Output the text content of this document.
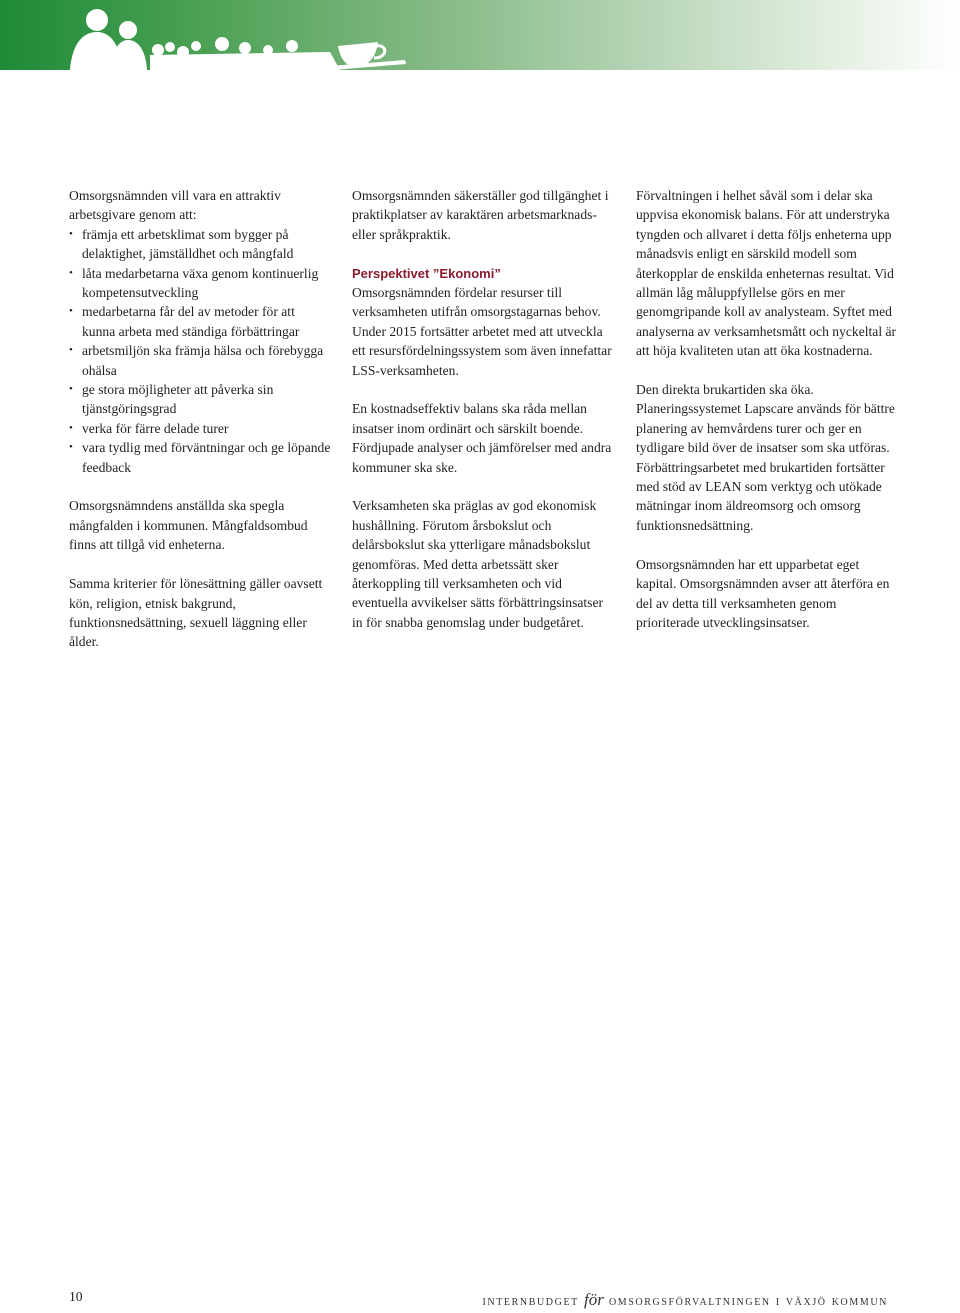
Omsorgsnämnden vill vara en attraktiv arbetsgivare genom att:

• främja ett arbetsklimat som bygger på delaktighet, jämställdhet och mångfald
• låta medarbetarna växa genom kontinuerlig kompetensutveckling
• medarbetarna får del av metoder för att kunna arbeta med ständiga förbättringar
• arbetsmiljön ska främja hälsa och förebygga ohälsa
• ge stora möjligheter att påverka sin tjänstgöringsgrad
• verka för färre delade turer
• vara tydlig med förväntningar och ge löpande feedback

Omsorgsnämndens anställda ska spegla mångfalden i kommunen. Mångfaldsombud finns att tillgå vid enheterna.

Samma kriterier för lönesättning gäller oavsett kön, religion, etnisk bakgrund, funktionsnedsättning, sexuell läggning eller ålder.

Omsorgsnämnden säkerställer god tillgänghet i praktikplatser av karaktären arbetsmarknads- eller språkpraktik.

Perspektivet ”Ekonomi”

Omsorgsnämnden fördelar resurser till verksamheten utifrån omsorgstagarnas behov. Under 2015 fortsätter arbetet med att utveckla ett resursfördelningssystem som även innefattar LSS-verksamheten.

En kostnadseffektiv balans ska råda mellan insatser inom ordinärt och särskilt boende. Fördjupade analyser och jämförelser med andra kommuner ska ske.

Verksamheten ska präglas av god ekonomisk hushållning. Förutom årsbokslut och delårsbokslut ska ytterligare månadsbokslut genomföras. Med detta arbetssätt sker återkoppling till verksamheten och vid eventuella avvikelser sätts förbättringsinsatser in för snabba genomslag under budgetåret.

Förvaltningen i helhet såväl som i delar ska uppvisa ekonomisk balans. För att understryka tyngden och allvaret i detta följs enheterna upp månadsvis enligt en särskild modell som återkopplar de enskilda enheternas resultat. Vid allmän låg måluppfyllelse görs en mer genomgripande koll av analysteam. Syftet med analyserna av verksamhetsmått och nyckeltal är att höja kvaliteten utan att öka kostnaderna.

Den direkta brukartiden ska öka. Planeringssystemet Lapscare används för bättre planering av hemvårdens turer och ger en tydligare bild över de insatser som ska utföras. Förbättringsarbetet med brukartiden fortsätter med stöd av LEAN som verktyg och utökade mätningar inom äldreomsorg och omsorg funktionsnedsättning.

Omsorgsnämnden har ett upparbetat eget kapital. Omsorgsnämnden avser att återföra en del av detta till verksamheten genom prioriterade utvecklingsinsatser.

10	internbudget för omsorgsförvaltningen i växjö kommun
